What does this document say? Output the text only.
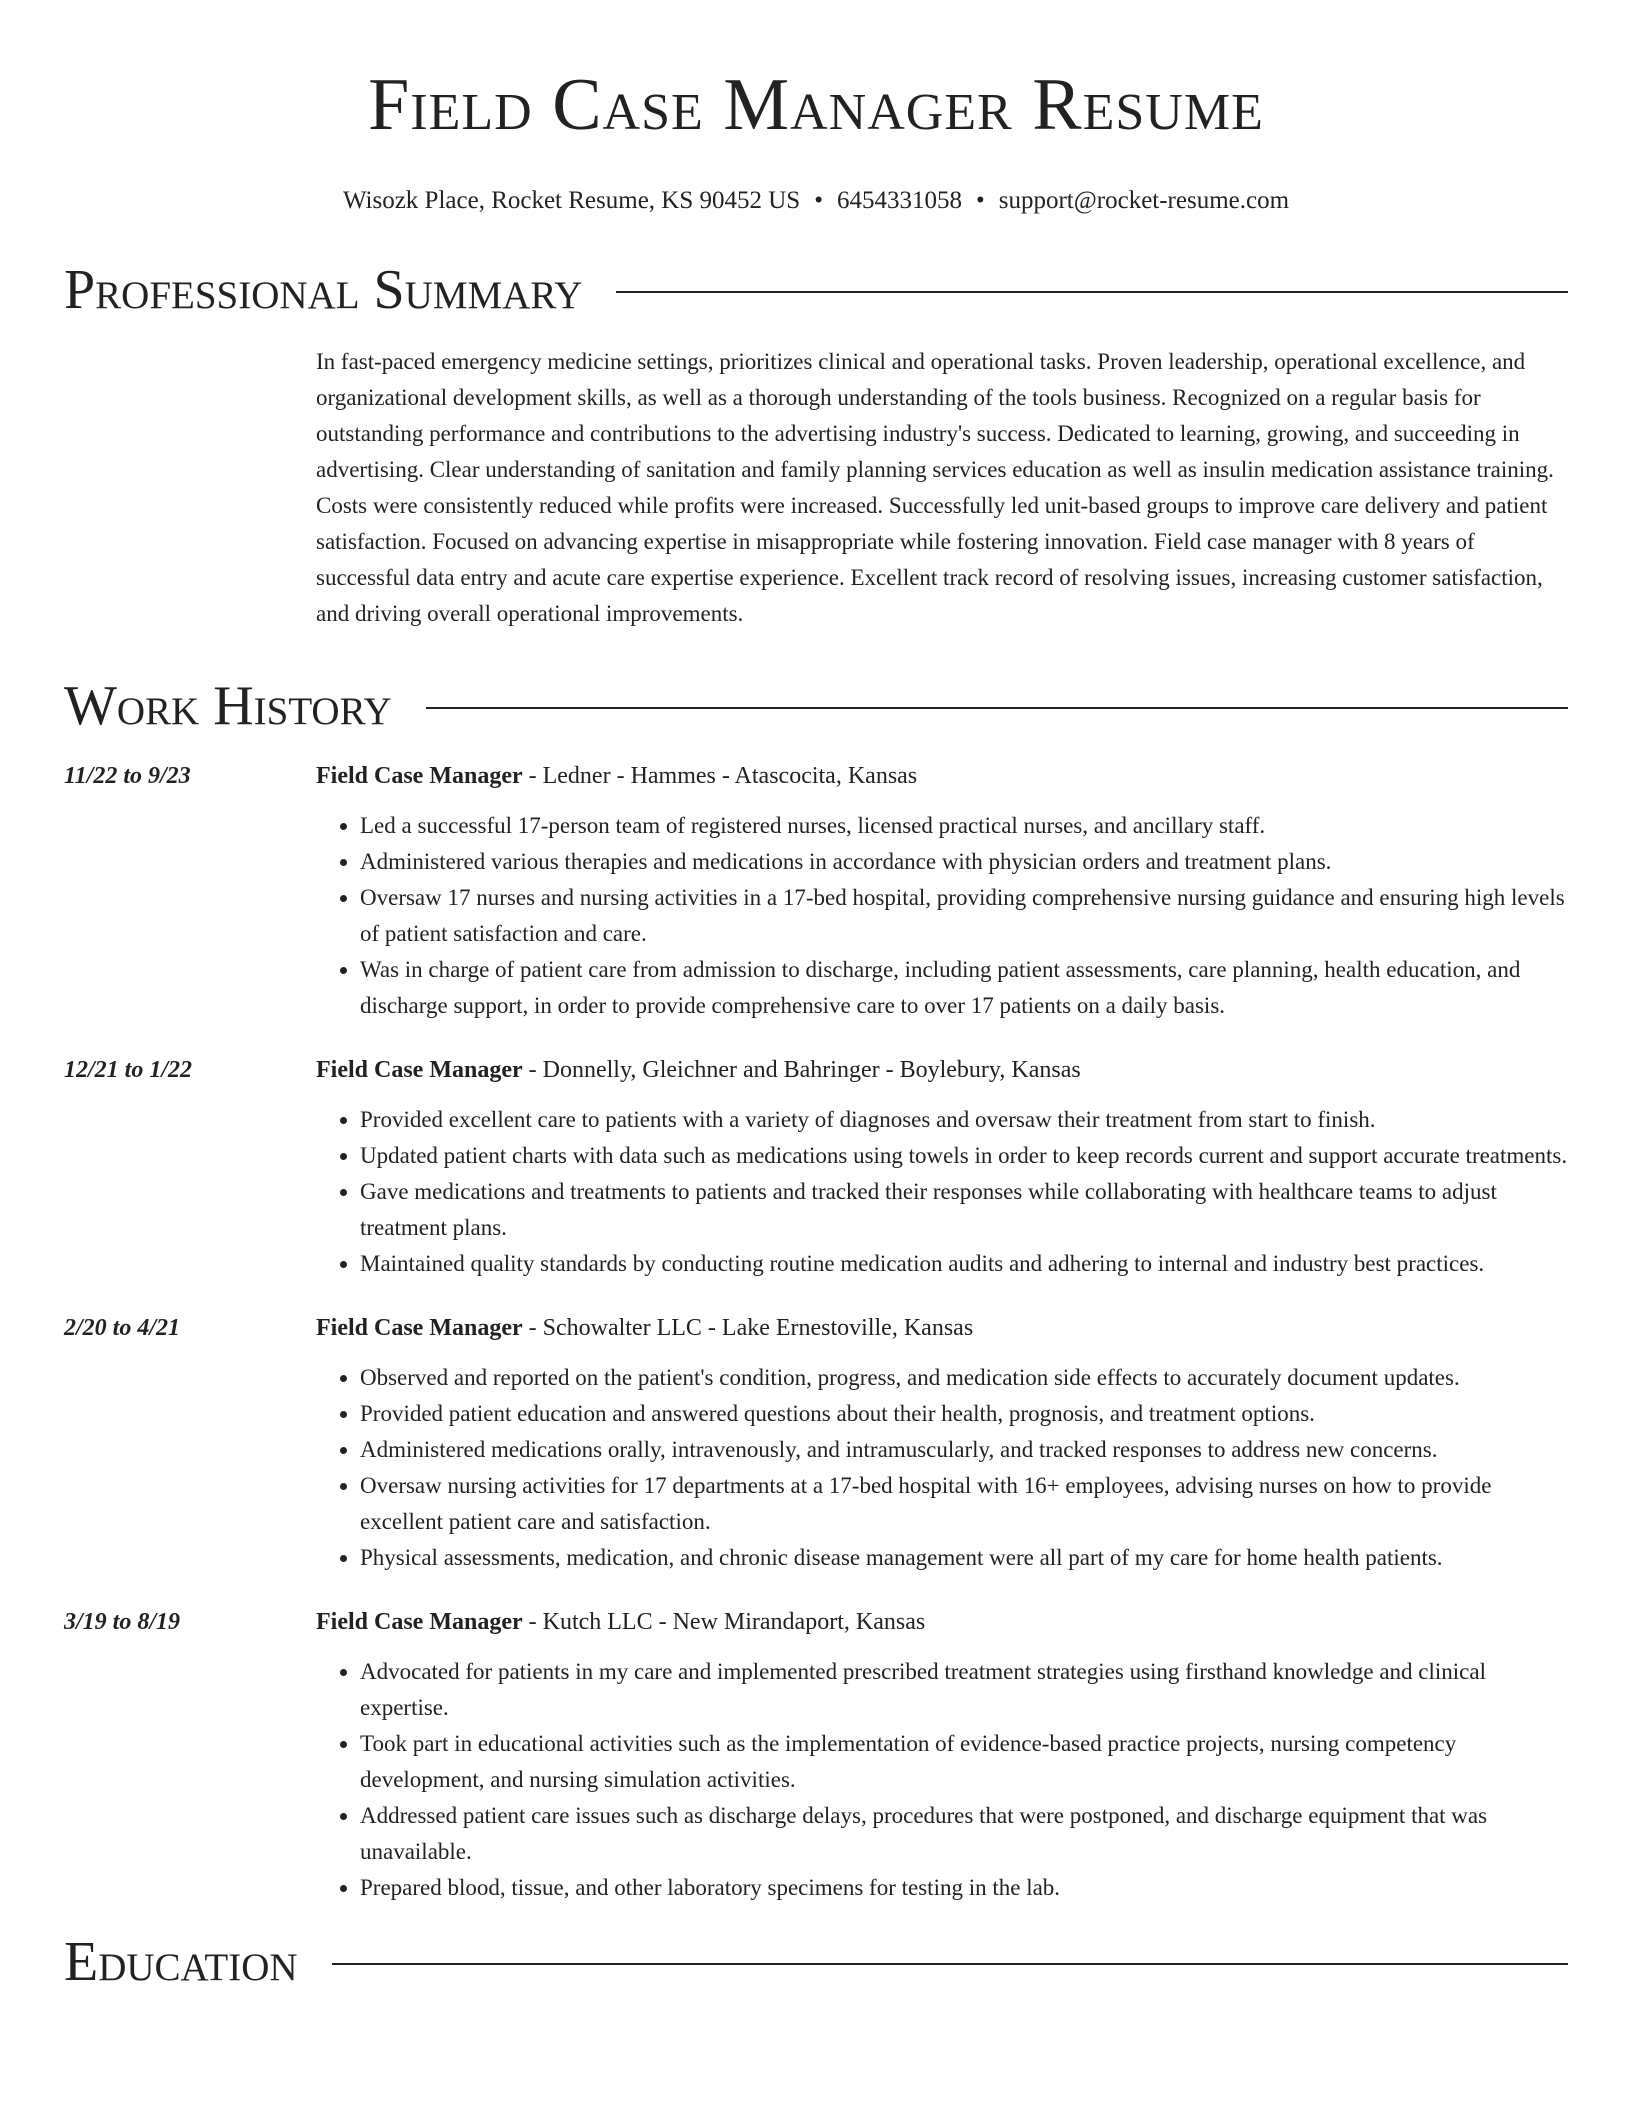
Field Case Manager Resume
Wisozk Place, Rocket Resume, KS 90452 US • 6454331058 • support@rocket-resume.com
Professional Summary
In fast-paced emergency medicine settings, prioritizes clinical and operational tasks. Proven leadership, operational excellence, and organizational development skills, as well as a thorough understanding of the tools business. Recognized on a regular basis for outstanding performance and contributions to the advertising industry's success. Dedicated to learning, growing, and succeeding in advertising. Clear understanding of sanitation and family planning services education as well as insulin medication assistance training. Costs were consistently reduced while profits were increased. Successfully led unit-based groups to improve care delivery and patient satisfaction. Focused on advancing expertise in misappropriate while fostering innovation. Field case manager with 8 years of successful data entry and acute care expertise experience. Excellent track record of resolving issues, increasing customer satisfaction, and driving overall operational improvements.
Work History
11/22 to 9/23	Field Case Manager - Ledner - Hammes - Atascocita, Kansas
• Led a successful 17-person team of registered nurses, licensed practical nurses, and ancillary staff.
• Administered various therapies and medications in accordance with physician orders and treatment plans.
• Oversaw 17 nurses and nursing activities in a 17-bed hospital, providing comprehensive nursing guidance and ensuring high levels of patient satisfaction and care.
• Was in charge of patient care from admission to discharge, including patient assessments, care planning, health education, and discharge support, in order to provide comprehensive care to over 17 patients on a daily basis.
12/21 to 1/22	Field Case Manager - Donnelly, Gleichner and Bahringer - Boylebury, Kansas
• Provided excellent care to patients with a variety of diagnoses and oversaw their treatment from start to finish.
• Updated patient charts with data such as medications using towels in order to keep records current and support accurate treatments.
• Gave medications and treatments to patients and tracked their responses while collaborating with healthcare teams to adjust treatment plans.
• Maintained quality standards by conducting routine medication audits and adhering to internal and industry best practices.
2/20 to 4/21	Field Case Manager - Schowalter LLC - Lake Ernestoville, Kansas
• Observed and reported on the patient's condition, progress, and medication side effects to accurately document updates.
• Provided patient education and answered questions about their health, prognosis, and treatment options.
• Administered medications orally, intravenously, and intramuscularly, and tracked responses to address new concerns.
• Oversaw nursing activities for 17 departments at a 17-bed hospital with 16+ employees, advising nurses on how to provide excellent patient care and satisfaction.
• Physical assessments, medication, and chronic disease management were all part of my care for home health patients.
3/19 to 8/19	Field Case Manager - Kutch LLC - New Mirandaport, Kansas
• Advocated for patients in my care and implemented prescribed treatment strategies using firsthand knowledge and clinical expertise.
• Took part in educational activities such as the implementation of evidence-based practice projects, nursing competency development, and nursing simulation activities.
• Addressed patient care issues such as discharge delays, procedures that were postponed, and discharge equipment that was unavailable.
• Prepared blood, tissue, and other laboratory specimens for testing in the lab.
Education
